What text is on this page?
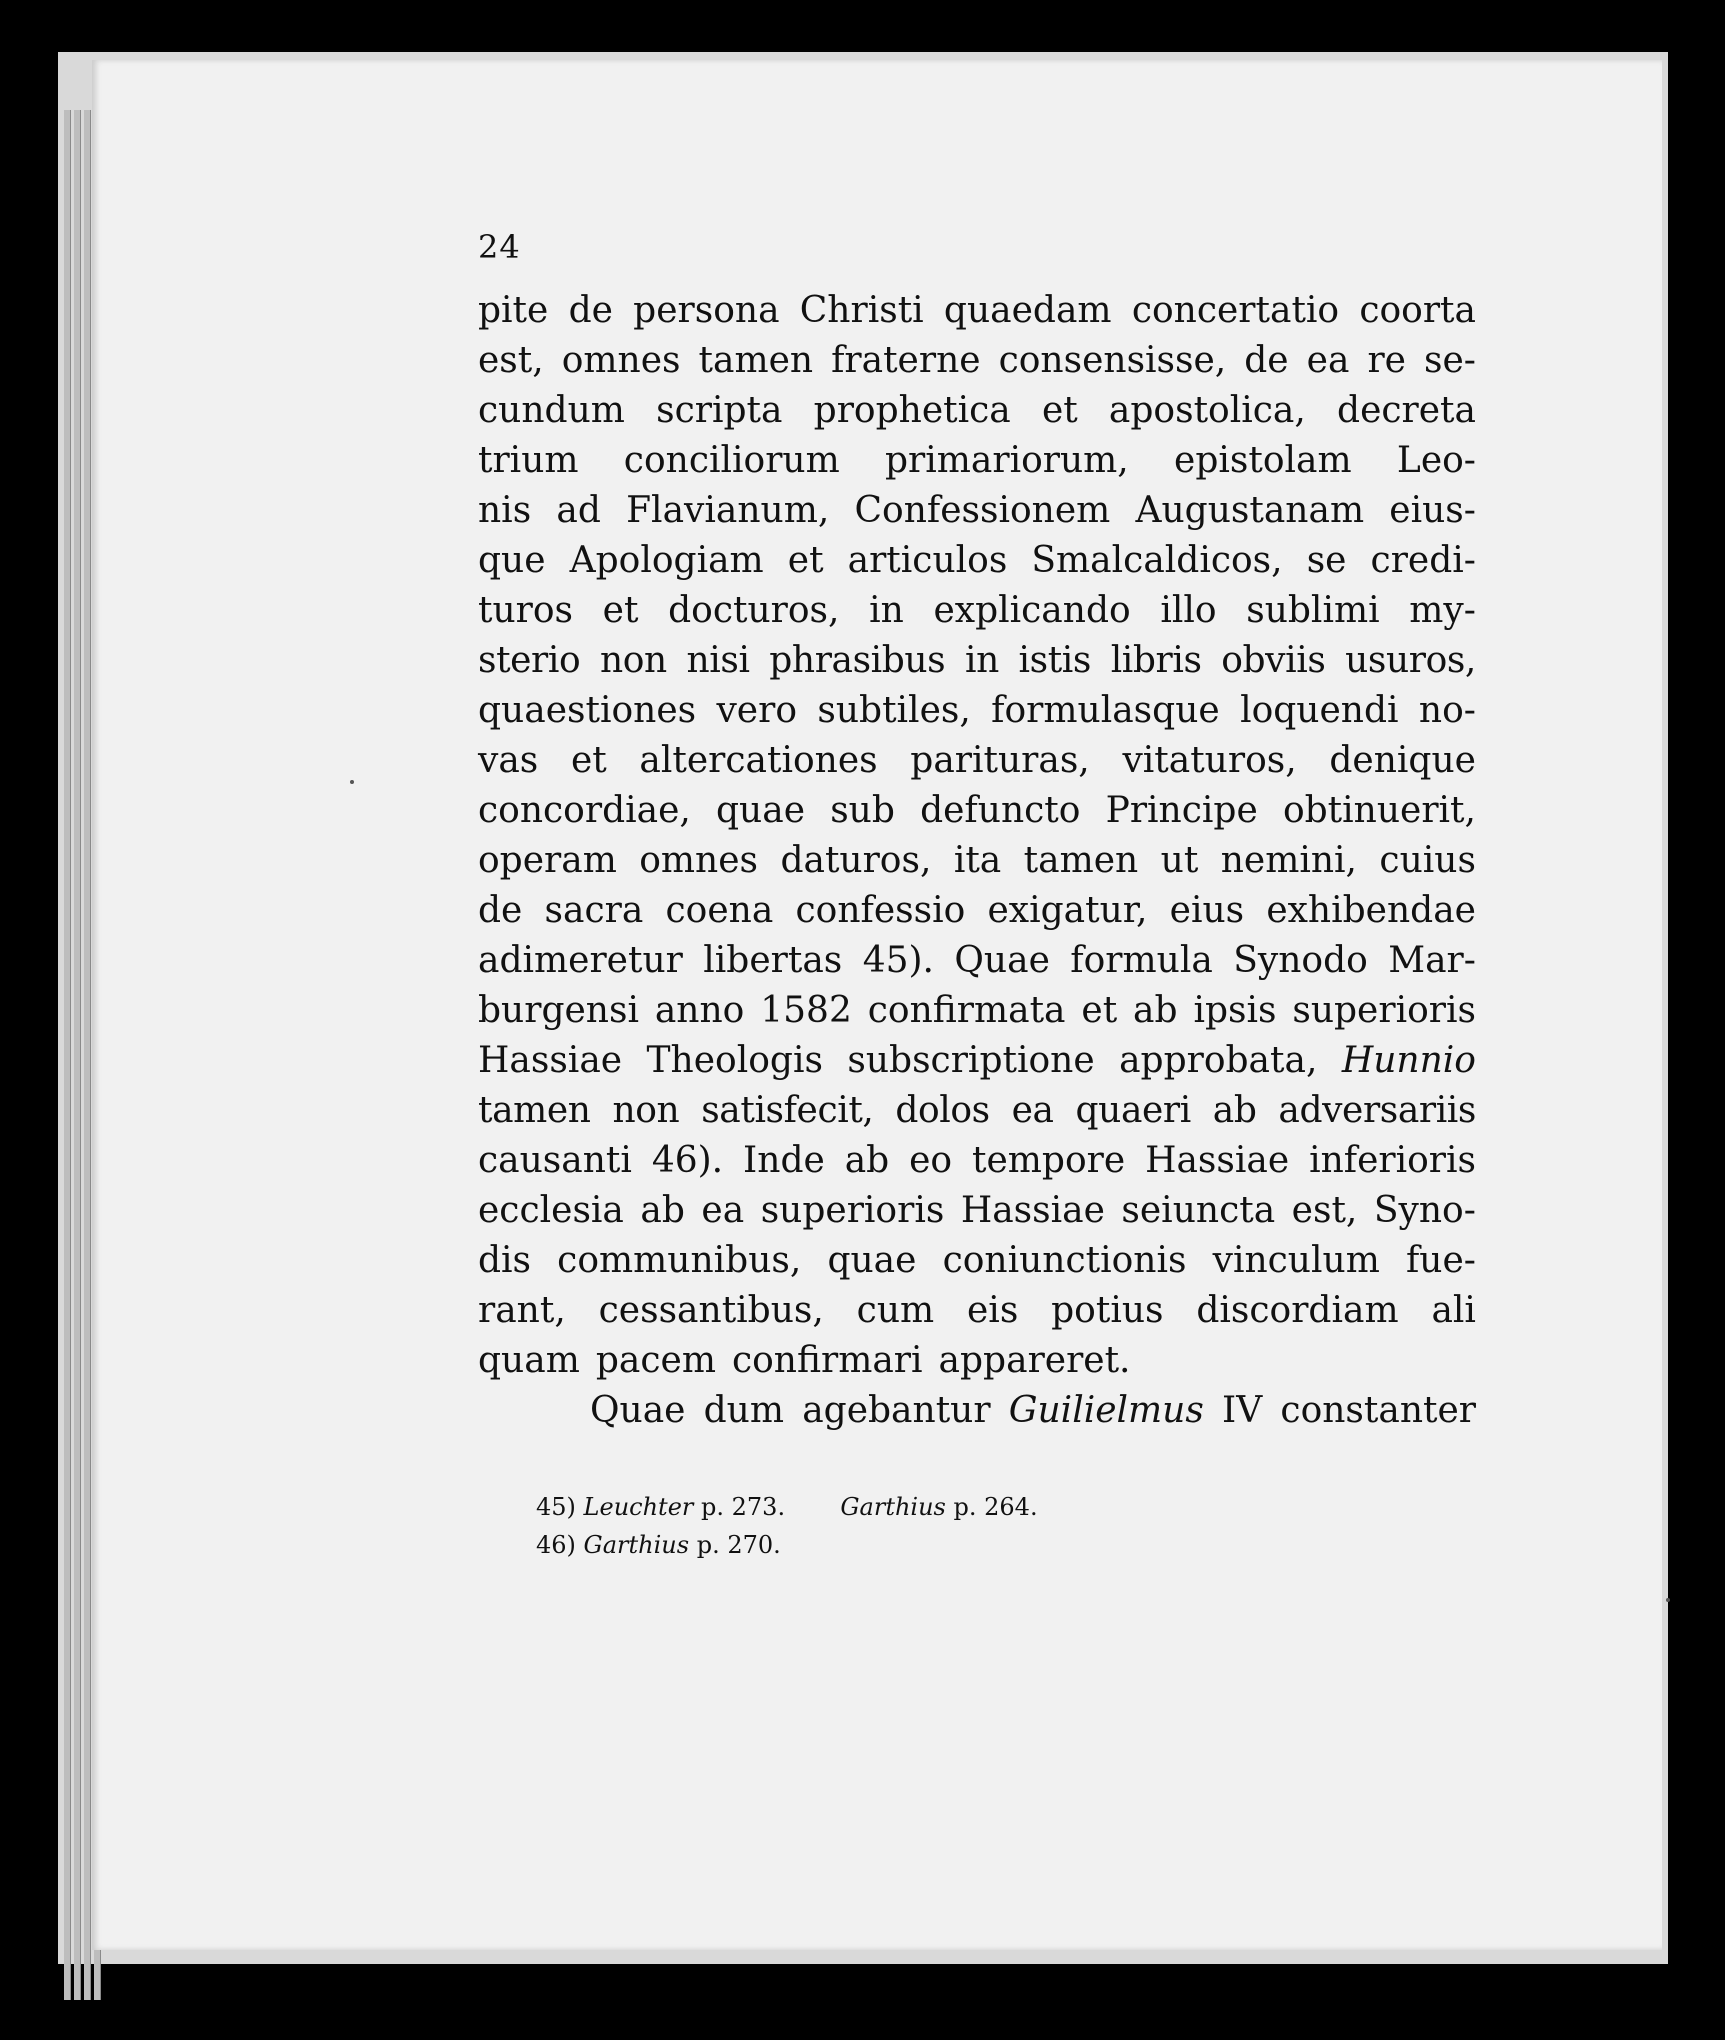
24
pite de persona Christi quaedam concertatio coorta
est, omnes tamen fraterne consensisse, de ea re se-
cundum scripta prophetica et apostolica, decreta
trium conciliorum primariorum, epistolam Leo-
nis ad Flavianum, Confessionem Augustanam eius-
que Apologiam et articulos Smalcaldicos, se credi-
turos et docturos, in explicando illo sublimi my-
sterio non nisi phrasibus in istis libris obviis usuros,
quaestiones vero subtiles, formulasque loquendi no-
vas et altercationes parituras, vitaturos, denique
concordiae, quae sub defuncto Principe obtinuerit,
operam omnes daturos, ita tamen ut nemini, cuius
de sacra coena confessio exigatur, eius exhibendae
adimeretur libertas 45). Quae formula Synodo Mar-
burgensi anno 1582 confirmata et ab ipsis superioris
Hassiae Theologis subscriptione approbata, Hunnio
tamen non satisfecit, dolos ea quaeri ab adversariis
causanti 46). Inde ab eo tempore Hassiae inferioris
ecclesia ab ea superioris Hassiae seiuncta est, Syno-
dis communibus, quae coniunctionis vinculum fue-
rant, cessantibus, cum eis potius discordiam ali
quam pacem confirmari appareret.
Quae dum agebantur Guilielmus IV constanter
45) Leuchter p. 273. Garthius p. 264.
46) Garthius p. 270.
